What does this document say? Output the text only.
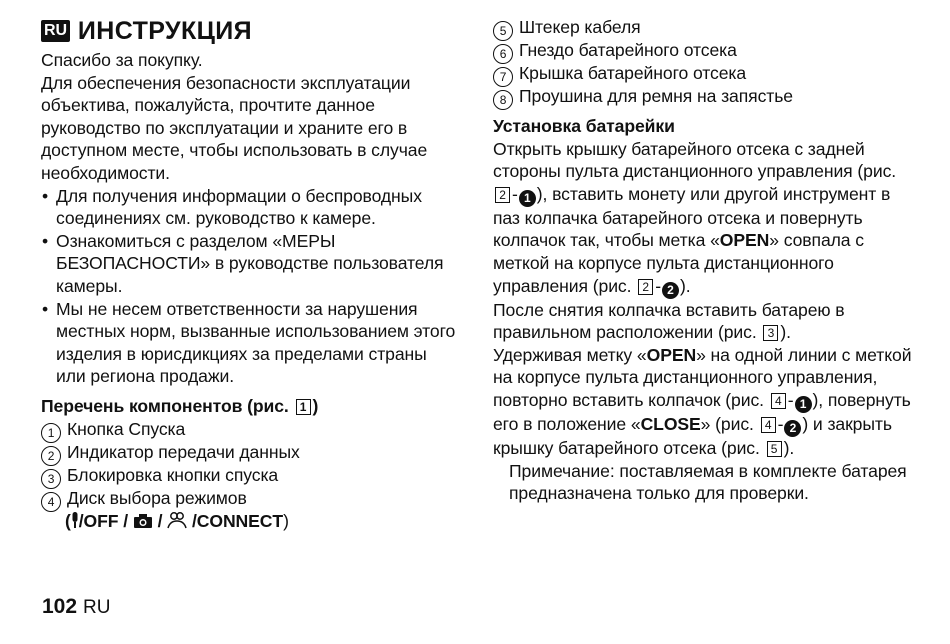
RU ИНСТРУКЦИЯ

Спасибо за покупку.

Для обеспечения безопасности эксплуатации объектива, пожалуйста, прочтите данное руководство по эксплуатации и храните его в доступном месте, чтобы использовать в случае необходимости.

• Для получения информации о беспроводных соединениях см. руководство к камере.
• Ознакомиться с разделом «МЕРЫ БЕЗОПАСНОСТИ» в руководстве пользователя камеры.
• Мы не несем ответственности за нарушения местных норм, вызванные использованием этого изделия в юрисдикциях за пределами страны или региона продажи.

Перечень компонентов (рис. 1 )

1 Кнопка Спуска
2 Индикатор передачи данных
3 Блокировка кнопки спуска
4 Диск выбора режимов
( /OFF /  /  /CONNECT)
5 Штекер кабеля
6 Гнездо батарейного отсека
7 Крышка батарейного отсека
8 Проушина для ремня на запястье

Установка батарейки

Открыть крышку батарейного отсека с задней стороны пульта дистанционного управления (рис. 2 - 1 ), вставить монету или другой инструмент в паз колпачка батарейного отсека и повернуть колпачок так, чтобы метка «OPEN» совпала с меткой на корпусе пульта дистанционного управления (рис. 2 - 2 ).
После снятия колпачка вставить батарею в правильном расположении (рис. 3 ).
Удерживая метку «OPEN» на одной линии с меткой на корпусе пульта дистанционного управления, повторно вставить колпачок (рис. 4 - 1 ), повернуть его в положение «CLOSE» (рис. 4 - 2 ) и закрыть крышку батарейного отсека (рис. 5 ).

Примечание: поставляемая в комплекте батарея предназначена только для проверки.

102 RU
